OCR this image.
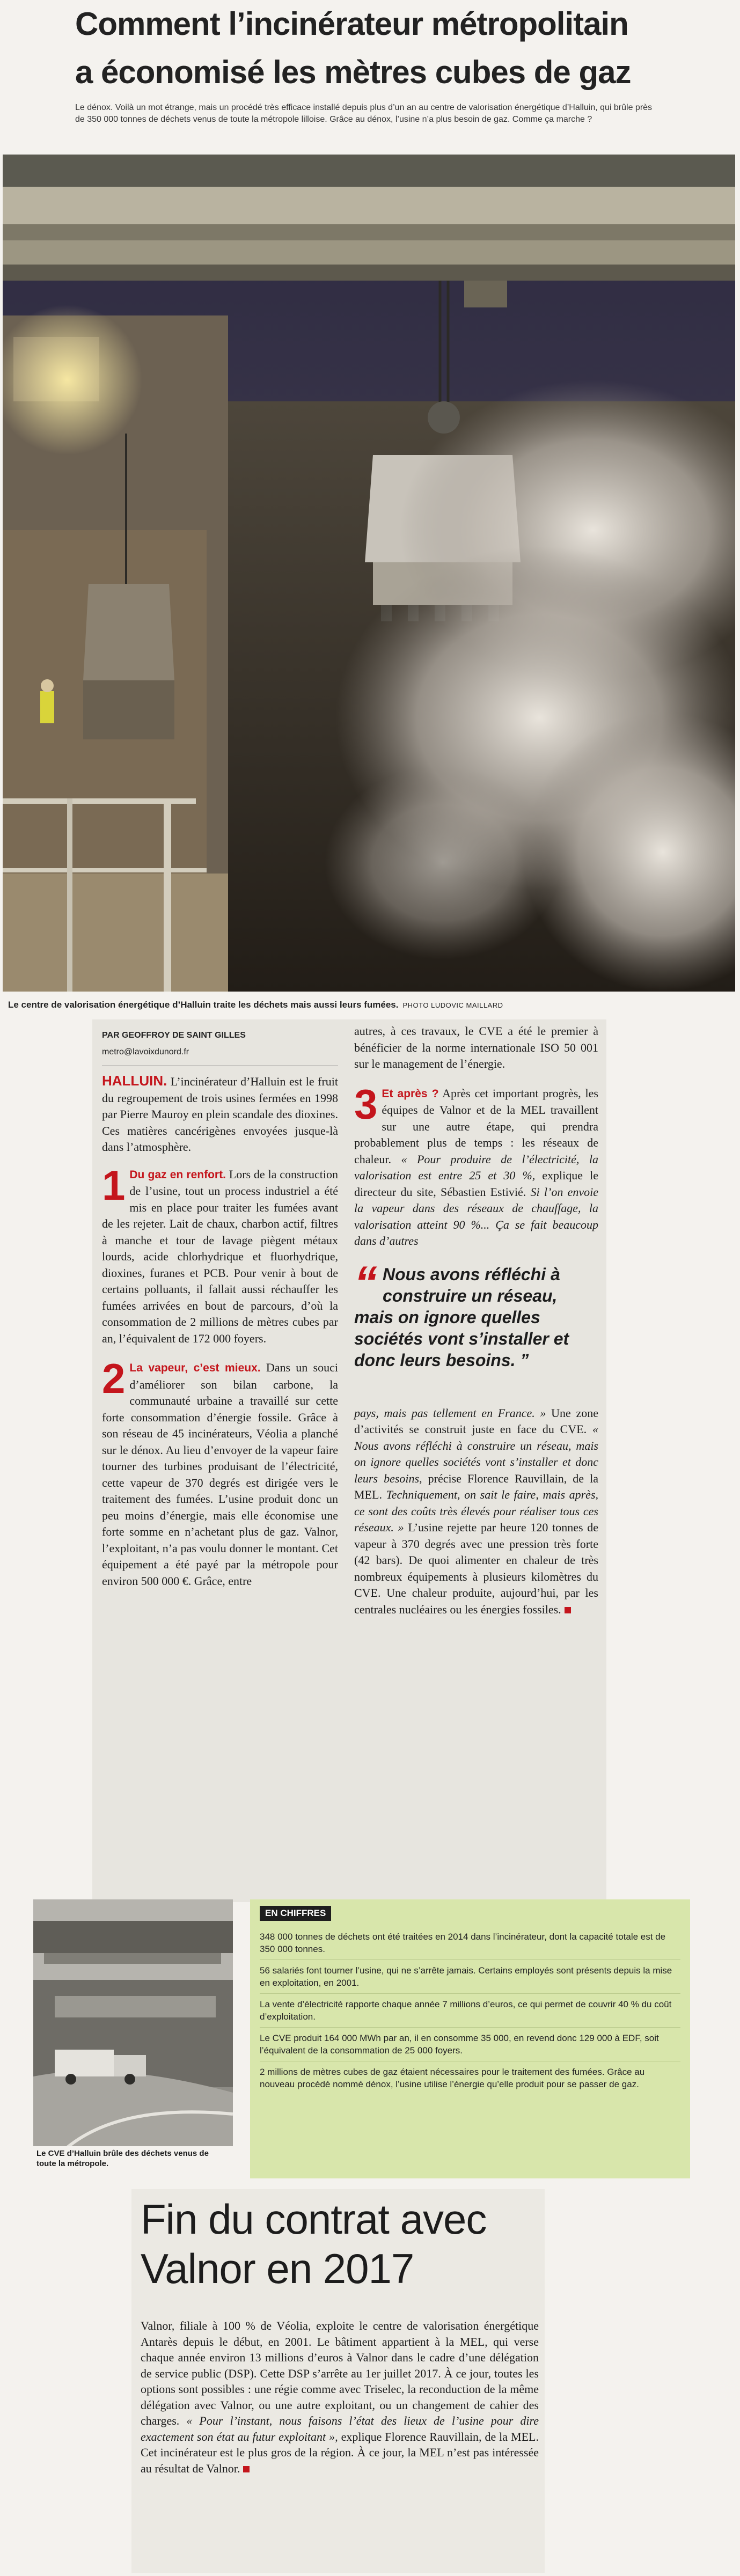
Comment l’incinérateur métropolitain
a économisé les mètres cubes de gaz
Le dénox. Voilà un mot étrange, mais un procédé très efficace installé depuis plus d’un an au centre de valorisation énergétique d’Halluin, qui brûle près de 350 000 tonnes de déchets venus de toute la métropole lilloise. Grâce au dénox, l’usine n’a plus besoin de gaz. Comme ça marche ?
Le centre de valorisation énergétique d’Halluin traite les déchets mais aussi leurs fumées. PHOTO LUDOVIC MAILLARD
PAR GEOFFROY DE SAINT GILLES
metro@lavoixdunord.fr

HALLUIN. L’incinérateur d’Halluin est le fruit du regroupement de trois usines fermées en 1998 par Pierre Mauroy en plein scandale des dioxines. Ces matières cancérigènes envoyées jusque-là dans l’atmosphère.

1 Du gaz en renfort. Lors de la construction de l’usine, tout un process industriel a été mis en place pour traiter les fumées avant de les rejeter. Lait de chaux, charbon actif, filtres à manche et tour de lavage piègent métaux lourds, acide chlorhydrique et fluorhydrique, dioxines, furanes et PCB. Pour venir à bout de certains polluants, il fallait aussi réchauffer les fumées arrivées en bout de parcours, d’où la consommation de 2 millions de mètres cubes par an, l’équivalent de 172 000 foyers.

2 La vapeur, c’est mieux. Dans un souci d’améliorer son bilan carbone, la communauté urbaine a travaillé sur cette forte consommation d’énergie fossile. Grâce à son réseau de 45 incinérateurs, Véolia a planché sur le dénox. Au lieu d’envoyer de la vapeur faire tourner des turbines produisant de l’électricité, cette vapeur de 370 degrés est dirigée vers le traitement des fumées. L’usine produit donc un peu moins d’énergie, mais elle économise une forte somme en n’achetant plus de gaz. Valnor, l’exploitant, n’a pas voulu donner le montant. Cet équipement a été payé par la métropole pour environ 500 000 €. Grâce, entre

autres, à ces travaux, le CVE a été le premier à bénéficier de la norme internationale ISO 50 001 sur le management de l’énergie.

3 Et après ? Après cet important progrès, les équipes de Valnor et de la MEL travaillent sur une autre étape, qui prendra probablement plus de temps : les réseaux de chaleur. « Pour produire de l’électricité, la valorisation est entre 25 et 30 %, explique le directeur du site, Sébastien Estivié. Si l’on envoie la vapeur dans des réseaux de chauffage, la valorisation atteint 90 %... Ça se fait beaucoup dans d’autres

“ Nous avons réfléchi à construire un réseau, mais on ignore quelles sociétés vont s’installer et donc leurs besoins. ”

pays, mais pas tellement en France. » Une zone d’activités se construit juste en face du CVE. « Nous avons réfléchi à construire un réseau, mais on ignore quelles sociétés vont s’installer et donc leurs besoins, précise Florence Rauvillain, de la MEL. Techniquement, on sait le faire, mais après, ce sont des coûts très élevés pour réaliser tous ces réseaux. » L’usine rejette par heure 120 tonnes de vapeur à 370 degrés avec une pression très forte (42 bars). De quoi alimenter en chaleur de très nombreux équipements à plusieurs kilomètres du CVE. Une chaleur produite, aujourd’hui, par les centrales nucléaires ou les énergies fossiles.

Le CVE d’Halluin brûle des déchets venus de toute la métropole.
EN CHIFFRES
348 000 tonnes de déchets ont été traitées en 2014 dans l’incinérateur, dont la capacité totale est de 350 000 tonnes.
56 salariés font tourner l’usine, qui ne s’arrête jamais. Certains employés sont présents depuis la mise en exploitation, en 2001.
La vente d’électricité rapporte chaque année 7 millions d’euros, ce qui permet de couvrir 40 % du coût d’exploitation.
Le CVE produit 164 000 MWh par an, il en consomme 35 000, en revend donc 129 000 à EDF, soit l’équivalent de la consommation de 25 000 foyers.
2 millions de mètres cubes de gaz étaient nécessaires pour le traitement des fumées. Grâce au nouveau procédé nommé dénox, l’usine utilise l’énergie qu’elle produit pour se passer de gaz.
Fin du contrat avec
Valnor en 2017
Valnor, filiale à 100 % de Véolia, exploite le centre de valorisation énergétique Antarès depuis le début, en 2001. Le bâtiment appartient à la MEL, qui verse chaque année environ 13 millions d’euros à Valnor dans le cadre d’une délégation de service public (DSP). Cette DSP s’arrête au 1er juillet 2017. À ce jour, toutes les options sont possibles : une régie comme avec Triselec, la reconduction de la même délégation avec Valnor, ou une autre exploitant, ou un changement de cahier des charges. « Pour l’instant, nous faisons l’état des lieux de l’usine pour dire exactement son état au futur exploitant », explique Florence Rauvillain, de la MEL. Cet incinérateur est le plus gros de la région. À ce jour, la MEL n’est pas intéressée au résultat de Valnor.
